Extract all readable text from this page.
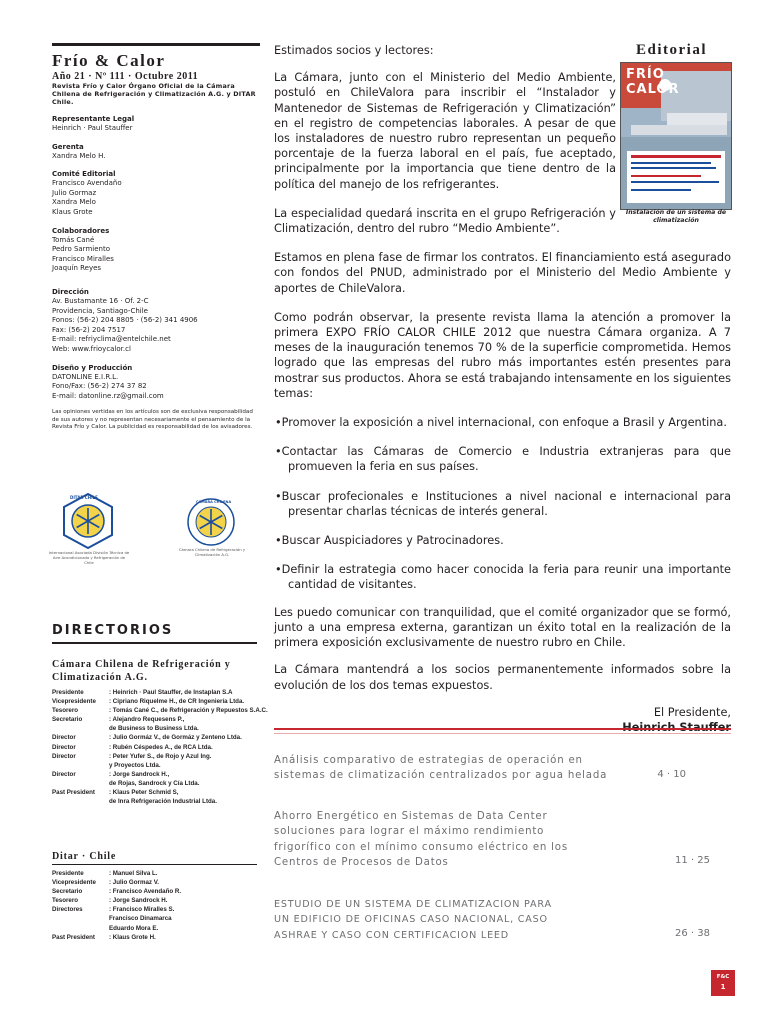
Frío & Calor
Año 21 · Nº 111 · Octubre 2011
Revista Frío y Calor Órgano Oficial de la Cámara Chilena de Refrigeración y Climatización A.G. y DITAR Chile.
Representante Legal
Heinrich · Paul Stauffer
Gerenta
Xandra Melo H.
Comité Editorial
Francisco Avendaño
Julio Gormaz
Xandra Melo
Klaus Grote
Colaboradores
Tomás Cané
Pedro Sarmiento
Francisco Miralles
Joaquín Reyes
Dirección
Av. Bustamante 16 · Of. 2-C
Providencia, Santiago-Chile
Fonos: (56-2) 204 8805 · (56-2) 341 4906
Fax: (56-2) 204 7517
E-mail: refriyclima@entelchile.net
Web: www.frioycalor.cl
Diseño y Producción
DATONLINE E.I.R.L.
Fono/Fax: (56-2) 274 37 82
E-mail: datonline.rz@gmail.com
Las opiniones vertidas en los artículos son de exclusiva responsabilidad de sus autores y no representan necesariamente el pensamiento de la Revista Frío y Calor. La publicidad es responsabilidad de los avisadores.
DITAR CHILE
Internacional Asociada División Técnica de Aire Acondicionado y Refrigeración de Chile
CÁMARA CHILENA
Cámara Chilena de Refrigeración y Climatización A.G.
DIRECTORIOS
Cámara Chilena de Refrigeración y Climatización A.G.
Presidente	: Heinrich · Paul Stauffer, de Instaplan S.A
Vicepresidente : Cipriano Riquelme H., de CR Ingeniería Ltda.
Tesorero	: Tomás Cané C., de Refrigeración y Repuestos S.A.C.
Secretario	: Alejandro Requesens P.,
de Business to Business Ltda.
Director	: Julio Gormáz V., de Gormáz y Zenteno Ltda.
Director	: Rubén Céspedes A., de RCA Ltda.
Director	: Peter Yufer S., de Rojo y Azul Ing.
y Proyectos Ltda.
Director	: Jorge Sandrock H.,
de Rojas, Sandrock y Cía Ltda.
Past President : Klaus Peter Schmid S,
de Inra Refrigeración Industrial Ltda.
Ditar · Chile
Presidente	: Manuel Silva L.
Vicepresidente : Julio Gormaz V.
Secretario	: Francisco Avendaño R.
Tesorero	: Jorge Sandrock H.
Directores	: Francisco Miralles S.
Francisco Dinamarca
Eduardo Mora E.
Past President : Klaus Grote H.
Editorial
FRÍO
CALOR
Instalación de un sistema de climatización

Estimados socios y lectores:

La Cámara, junto con el Ministerio del Medio Ambiente, postuló en ChileValora para inscribir el “Instalador y Mantenedor de Sistemas de Refrigeración y Climatización” en el registro de competencias laborales. A pesar de que los instaladores de nuestro rubro representan un pequeño porcentaje de la fuerza laboral en el país, fue aceptado, principalmente por la importancia que tiene dentro de la política del manejo de los refrigerantes.

La especialidad quedará inscrita en el grupo Refrigeración y Climatización, dentro del rubro “Medio Ambiente”.

Estamos en plena fase de firmar los contratos. El financiamiento está asegurado con fondos del PNUD, administrado por el Ministerio del Medio Ambiente y aportes de ChileValora.

Como podrán observar, la presente revista llama la atención a promover la primera EXPO FRÍO CALOR CHILE 2012 que nuestra Cámara organiza. A 7 meses de la inauguración tenemos 70 % de la superficie comprometida. Hemos logrado que las empresas del rubro más importantes estén presentes para mostrar sus productos. Ahora se está trabajando intensamente en los siguientes temas:

•Promover la exposición a nivel internacional, con enfoque a Brasil y Argentina.

•Contactar las Cámaras de Comercio e Industria extranjeras para que promueven la feria en sus países.

•Buscar profecionales e Instituciones a nivel nacional e internacional para presentar charlas técnicas de interés general.

•Buscar Auspiciadores y Patrocinadores.

•Definir la estrategia como hacer conocida la feria para reunir una importante cantidad de visitantes.

Les puedo comunicar con tranquilidad, que el comité organizador que se formó, junto a una empresa externa, garantizan un éxito total en la realización de la primera exposición exclusivamente de nuestro rubro en Chile.

La Cámara mantendrá a los socios permanentemente informados sobre la evolución de los dos temas expuestos.

El Presidente,

Análisis comparativo de estrategias de operación en sistemas de climatización centralizados por agua helada	4 · 10
Ahorro Energético en Sistemas de Data Center soluciones para lograr el máximo rendimiento frigorífico con el mínimo consumo eléctrico en los Centros de Procesos de Datos	11 · 25
ESTUDIO DE UN SISTEMA DE CLIMATIZACION PARA UN EDIFICIO DE OFICINAS CASO NACIONAL, CASO ASHRAE Y CASO CON CERTIFICACION LEED	26 · 38
F&C
1
